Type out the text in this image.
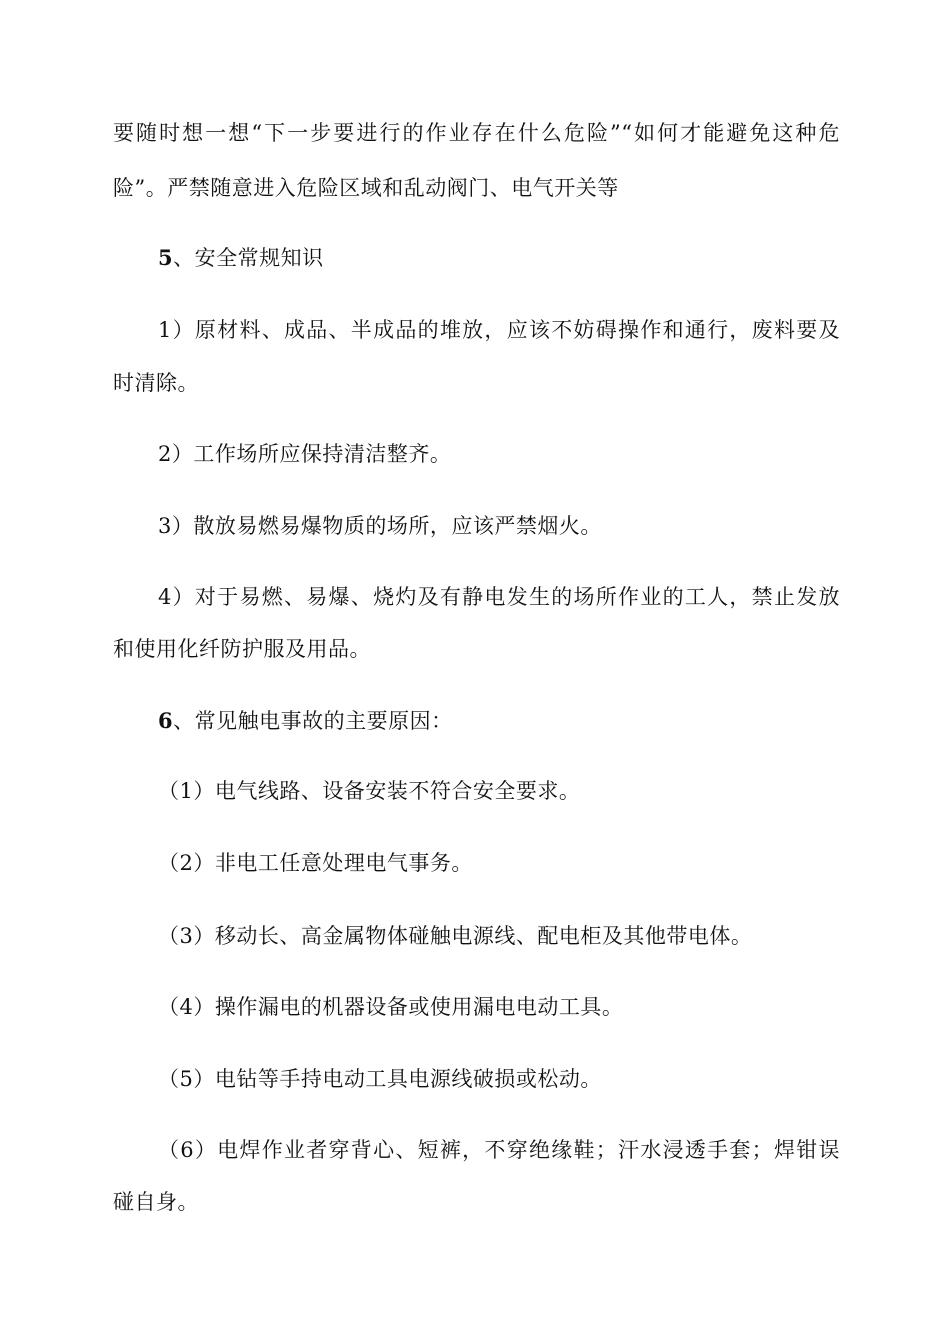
要随时想一想“下一步要进行的作业存在什么危险”“如何才能避免这种危
险”。严禁随意进入危险区域和乱动阀门、电气开关等
5、安全常规知识
1）原材料、成品、半成品的堆放，应该不妨碍操作和通行，废料要及
时清除。
2）工作场所应保持清洁整齐。
3）散放易燃易爆物质的场所，应该严禁烟火。
4）对于易燃、易爆、烧灼及有静电发生的场所作业的工人，禁止发放
和使用化纤防护服及用品。
6、常见触电事故的主要原因：
（1）电气线路、设备安装不符合安全要求。
（2）非电工任意处理电气事务。
（3）移动长、高金属物体碰触电源线、配电柜及其他带电体。
（4）操作漏电的机器设备或使用漏电电动工具。
（5）电钻等手持电动工具电源线破损或松动。
（6）电焊作业者穿背心、短裤，不穿绝缘鞋；汗水浸透手套；焊钳误
碰自身。
